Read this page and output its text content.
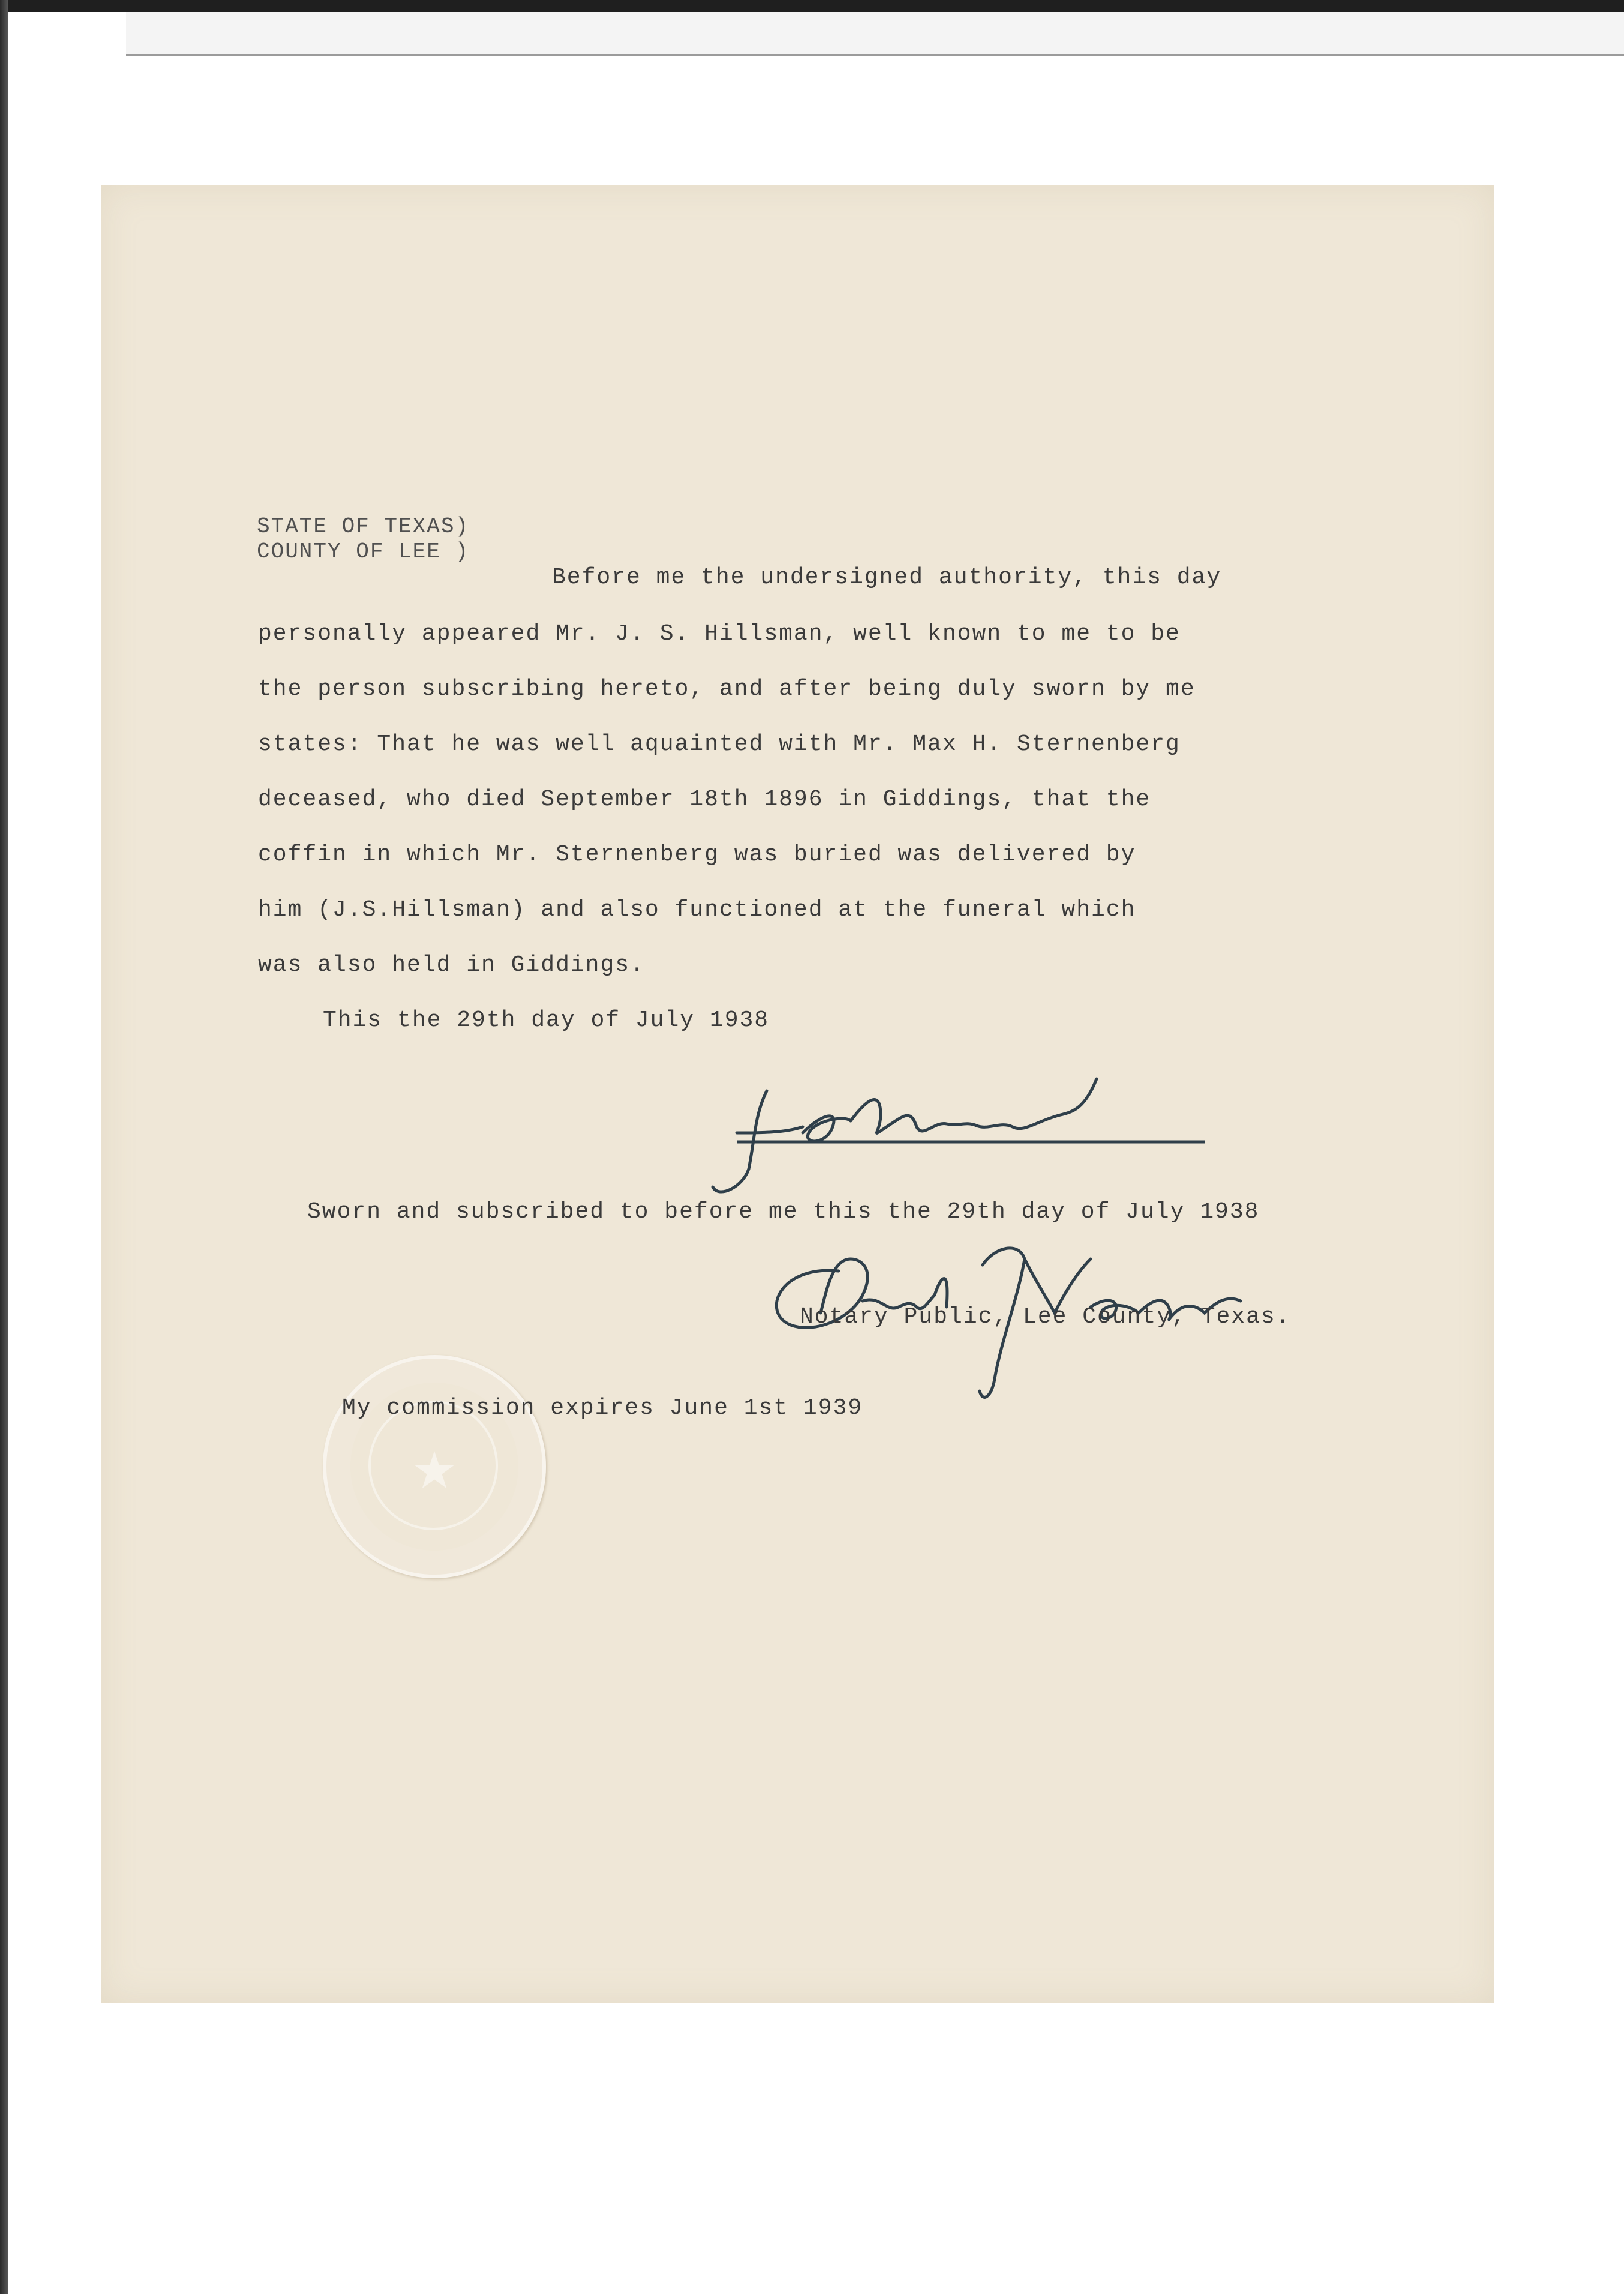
★
STATE OF TEXAS)
COUNTY OF LEE )
Before me the undersigned authority, this day
personally appeared Mr. J. S. Hillsman, well known to me to be
the person subscribing hereto, and after being duly sworn by me
states: That he was well aquainted with Mr. Max H. Sternenberg
deceased, who died September 18th 1896 in Giddings, that the
coffin in which Mr. Sternenberg was buried was delivered by
him (J.S.Hillsman) and also functioned at the funeral which
was also held in Giddings.
This the 29th day of July 1938
Sworn and subscribed to before me this the 29th day of July 1938
Notary Public, Lee County, Texas.
My commission expires June 1st 1939
